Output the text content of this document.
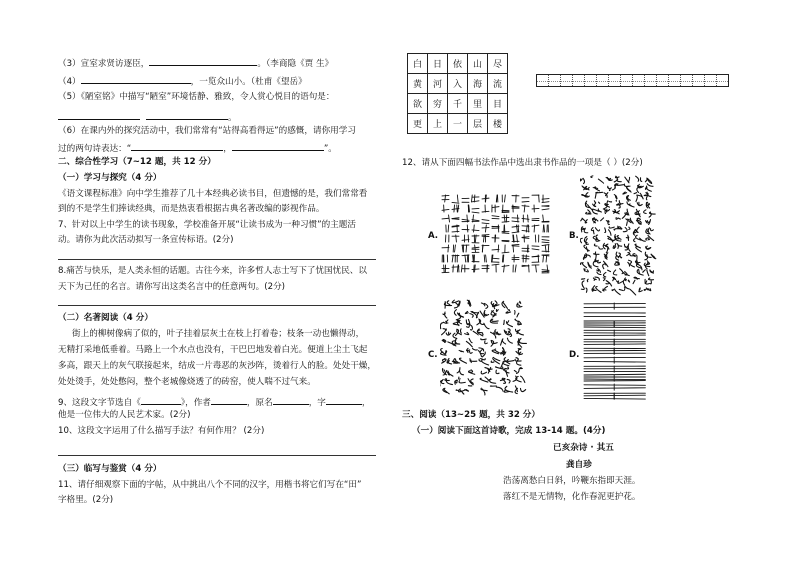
（3）宣室求贤访逐臣，	。（李商隐《贾 生》
（4）	，一览众山小。（杜甫《望岳》
（5）《陋室铭》中描写“陋室”环境恬静、雅致，令人赏心悦目的语句是：
。
（6）在课内外的探究活动中，我们常常有“站得高看得远”的感慨，请你用学习
过的两句诗表达：“	，	”。
二、综合性学习（7~12 题，共 12 分）
（一）学习与探究（4 分）
《语文课程标准》向中学生推荐了几十本经典必读书目，但遗憾的是，我们常常看
到的不是学生们捧读经典，而是热衷看根据古典名著改编的影视作品。
7、针对以上中学生的读书现象，学校准备开展“让读书成为一种习惯”的主题活
动。请你为此次活动拟写一条宣传标语。(2分)
8.痛苦与快乐，是人类永恒的话题。古往今来，许多哲人志士写下了忧国忧民、以
天下为己任的名言。请你写出这类名言中的任意两句。(2分)
（二）名著阅读（4 分）
街上的柳树像病了似的，叶子挂着层灰土在枝上打着卷；枝条一动也懒得动，
无精打采地低垂着。马路上一个水点也没有，干巴巴地发着白光。便道上尘土飞起
多高，跟天上的灰气联接起来，结成一片毒恶的灰沙阵，烫着行人的脸。处处干燥，
处处烫手，处处憋闷，整个老城像烧透了的砖窑，使人喘不过气来。
9、这段文字节选自《	》，作者	，原名	，字	，
他是一位伟大的人民艺术家。(2分)
10、这段文字运用了什么描写手法？有何作用？ (2分)
（三）临写与鉴赏（4 分）
11、请仔细观察下面的字帖，从中挑出八个不同的汉字，用楷书将它们写在“田”
字格里。(2分)
白	日	依	山	尽
黄	河	入	海	流
欲	穷	千	里	目
更	上	一	层	楼
12、请从下面四幅书法作品中选出隶书作品的一项是（ ）(2分)
A.	B.
C.	D.
三、阅读（13~25 题，共 32 分）
（一）阅读下面这首诗歌，完成 13-14 题。(4分)
已亥杂诗 · 其五
龚自珍
浩荡离愁白日斜，吟鞭东指即天涯。
落红不是无情物，化作春泥更护花。
